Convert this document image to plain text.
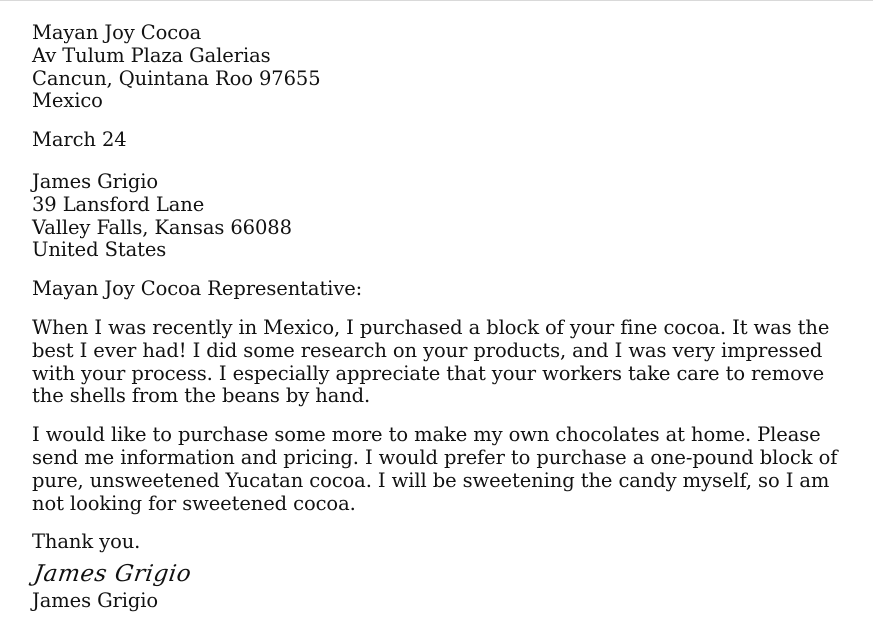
Mayan Joy Cocoa
Av Tulum Plaza Galerias
Cancun, Quintana Roo 97655
Mexico
March 24
James Grigio
39 Lansford Lane
Valley Falls, Kansas 66088
United States
Mayan Joy Cocoa Representative:
When I was recently in Mexico, I purchased a block of your fine cocoa. It was the
best I ever had! I did some research on your products, and I was very impressed
with your process. I especially appreciate that your workers take care to remove
the shells from the beans by hand.
I would like to purchase some more to make my own chocolates at home. Please
send me information and pricing. I would prefer to purchase a one-pound block of
pure, unsweetened Yucatan cocoa. I will be sweetening the candy myself, so I am
not looking for sweetened cocoa.
Thank you.
James Grigio
James Grigio
